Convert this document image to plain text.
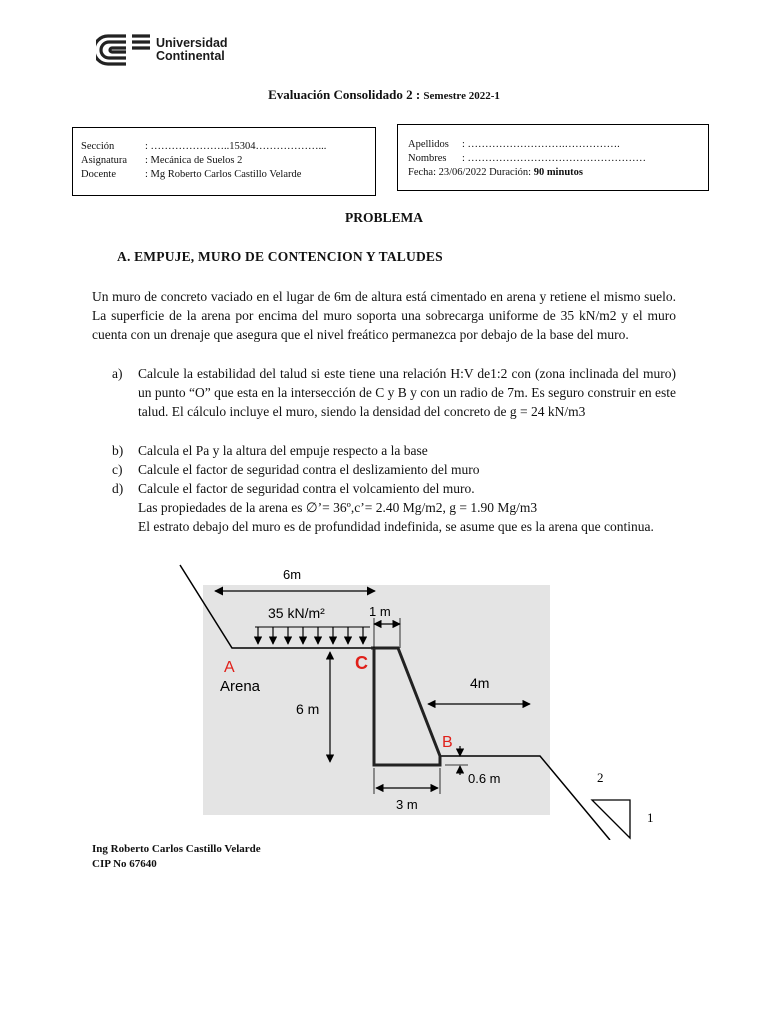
Universidad
Continental
Evaluación Consolidado 2 : Semestre 2022-1
Sección	: …………………..15304………………...
Asignatura : Mecánica de Suelos 2
Docente	: Mg Roberto Carlos Castillo Velarde
Apellidos : ……………………….…………….
Nombres : ……………………………………………
Fecha: 23/06/2022 Duración: 90 minutos
PROBLEMA
A. EMPUJE, MURO DE CONTENCION Y TALUDES
Un muro de concreto vaciado en el lugar de 6m de altura está cimentado en arena y retiene el mismo suelo. La superficie de la arena por encima del muro soporta una sobrecarga uniforme de 35 kN/m2 y el muro cuenta con un drenaje que asegura que el nivel freático permanezca por debajo de la base del muro.
a) Calcule la estabilidad del talud si este tiene una relación H:V de1:2 con (zona inclinada del muro) un punto “O” que esta en la intersección de C y B y con un radio de 7m. Es seguro construir en este talud. El cálculo incluye el muro, siendo la densidad del concreto de g = 24 kN/m3
b) Calcula el Pa y la altura del empuje respecto a la base
c) Calcule el factor de seguridad contra el deslizamiento del muro
d) Calcule el factor de seguridad contra el volcamiento del muro.
Las propiedades de la arena es ∅’= 36º,c’= 2.40 Mg/m2, g = 1.90 Mg/m3
El estrato debajo del muro es de profundidad indefinida, se asume que es la arena que continua.
6m
35 kN/m²	1 m
A	C
Arena
6 m
4m
B
0.6 m
3 m
2
1
Ing Roberto Carlos Castillo Velarde
CIP No 67640
